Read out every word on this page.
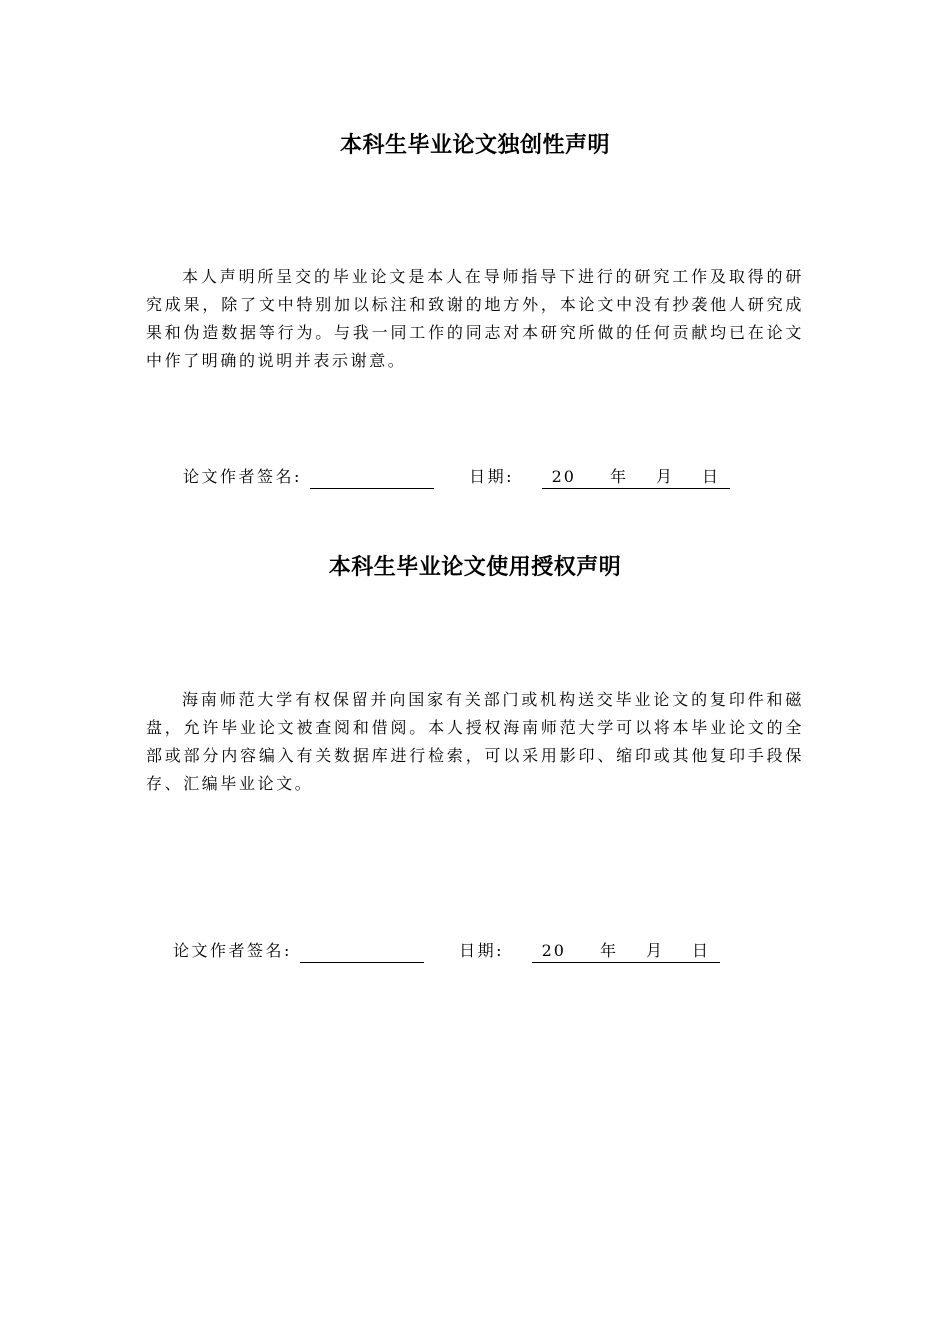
本科生毕业论文独创性声明

本人声明所呈交的毕业论文是本人在导师指导下进行的研究工作及取得的研究成果，除了文中特别加以标注和致谢的地方外，本论文中没有抄袭他人研究成果和伪造数据等行为。与我一同工作的同志对本研究所做的任何贡献均已在论文中作了明确的说明并表示谢意。

论文作者签名:	日期: 20 年 月 日
本科生毕业论文使用授权声明

海南师范大学有权保留并向国家有关部门或机构送交毕业论文的复印件和磁盘，允许毕业论文被查阅和借阅。本人授权海南师范大学可以将本毕业论文的全部或部分内容编入有关数据库进行检索，可以采用影印、缩印或其他复印手段保存、汇编毕业论文。

论文作者签名:	日期: 20 年 月 日
